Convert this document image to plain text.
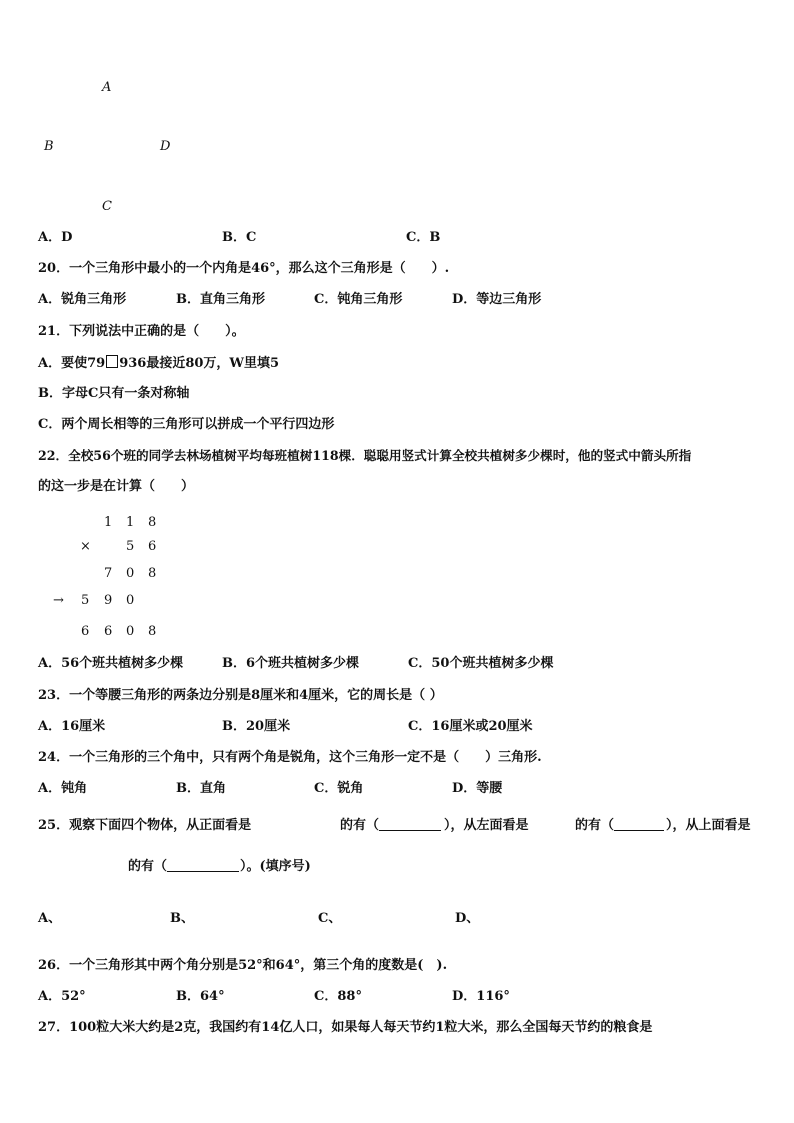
A
B	D
C
A．D	B．C	C．B
20．一个三角形中最小的一个内角是46°，那么这个三角形是（　　）.
A．锐角三角形	B．直角三角形	C．钝角三角形	D．等边三角形
21．下列说法中正确的是（　　）。
A．要使79 936最接近80万，W里填5
B．字母C只有一条对称轴
C．两个周长相等的三角形可以拼成一个平行四边形
22．全校56个班的同学去林场植树平均每班植树118棵．聪聪用竖式计算全校共植树多少棵时，他的竖式中箭头所指
的这一步是在计算（　　）
1 1 8
×	5 6
7 0 8
→ 5 9 0
6 6 0 8
A．56个班共植树多少棵	B．6个班共植树多少棵	C．50个班共植树多少棵
23．一个等腰三角形的两条边分别是8厘米和4厘米，它的周长是（ ）
A．16厘米	B．20厘米	C．16厘米或20厘米
24．一个三角形的三个角中，只有两个角是锐角，这个三角形一定不是（　　）三角形.
A．钝角	B．直角	C．锐角	D．等腰
25．观察下面四个物体，从正面看是	的有（	），从左面看是	的有（	），从上面看是
的有（	）。(填序号)
A、	B、	C、	D、
26．一个三角形其中两个角分别是52°和64°，第三个角的度数是(　).
A．52°	B．64°	C．88°	D．116°
27．100粒大米大约是2克，我国约有14亿人口，如果每人每天节约1粒大米，那么全国每天节约的粮食是
